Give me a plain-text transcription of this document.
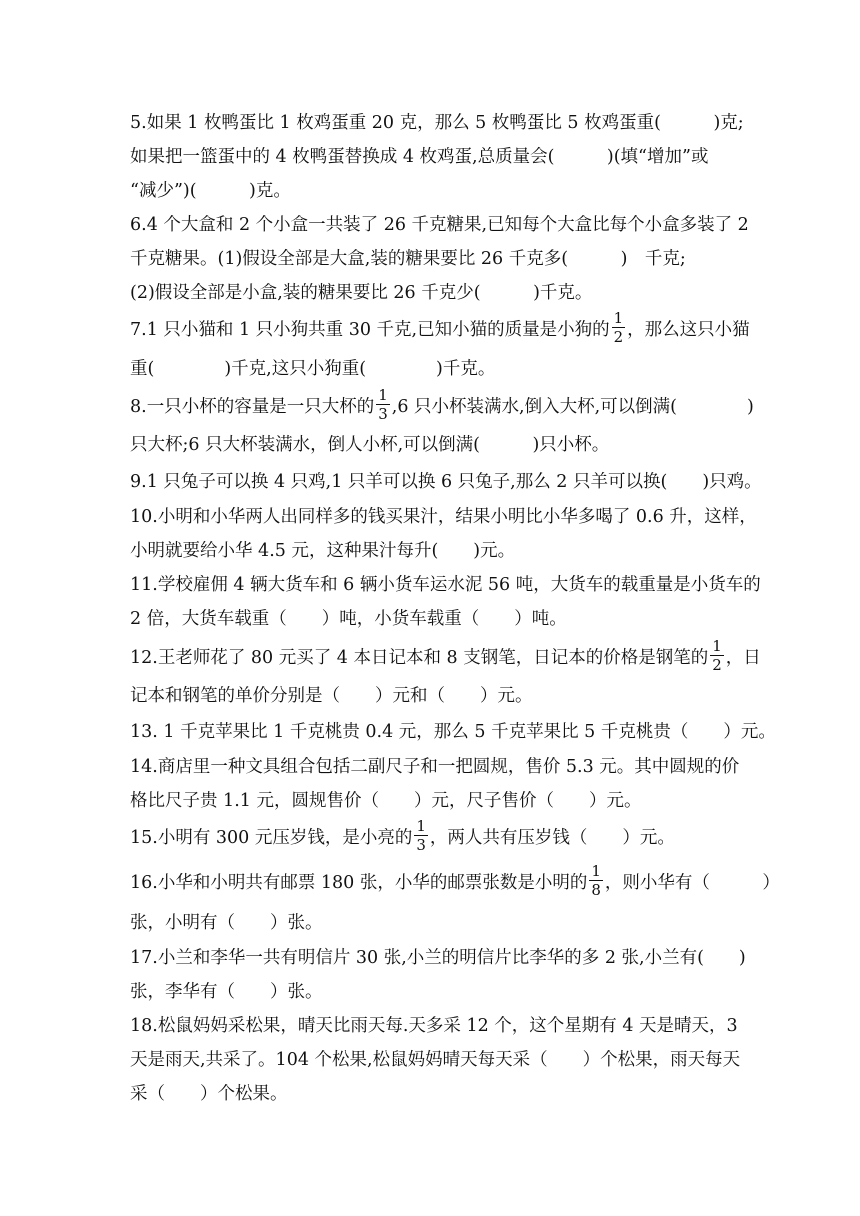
5.如果 1 枚鸭蛋比 1 枚鸡蛋重 20 克，那么 5 枚鸭蛋比 5 枚鸡蛋重(　　　)克;
如果把一篮蛋中的 4 枚鸭蛋替换成 4 枚鸡蛋,总质量会(　　　)(填“增加”或
“减少”)(　　　)克。
6.4 个大盒和 2 个小盒一共装了 26 千克糖果,已知每个大盒比每个小盒多装了 2
千克糖果。(1)假设全部是大盒,装的糖果要比 26 千克多(　　　)　千克;
(2)假设全部是小盒,装的糖果要比 26 千克少(　　　)千克。
7.1 只小猫和 1 只小狗共重 30 千克,已知小猫的质量是小狗的 $\frac{1}{2}$ ，那么这只小猫
重(　　　　)千克,这只小狗重(　　　　)千克。
8.一只小杯的容量是一只大杯的 $\frac{1}{3} ,6$ 只小杯装满水,倒入大杯,可以倒满(　　　　)
只大杯;6 只大杯装满水，倒人小杯,可以倒满(　　　)只小杯。
9.1 只兔子可以换 4 只鸡,1 只羊可以换 6 只兔子,那么 2 只羊可以换(　　)只鸡。
10.小明和小华两人出同样多的钱买果汁，结果小明比小华多喝了 0.6 升，这样，
小明就要给小华 4.5 元，这种果汁每升(　　)元。
11.学校雇佣 4 辆大货车和 6 辆小货车运水泥 56 吨，大货车的载重量是小货车的
2 倍，大货车载重（　　）吨，小货车载重（　　）吨。
12.王老师花了 80 元买了 4 本日记本和 8 支钢笔，日记本的价格是钢笔的 $\frac{1}{2}$ ，日
记本和钢笔的单价分别是（　　）元和（　　）元。
13. 1 千克苹果比 1 千克桃贵 0.4 元，那么 5 千克苹果比 5 千克桃贵（　　）元。
14.商店里一种文具组合包括二副尺子和一把圆规，售价 5.3 元。其中圆规的价
格比尺子贵 1.1 元，圆规售价（　　）元，尺子售价（　　）元。
15.小明有 300 元压岁钱，是小亮的 $\frac{1}{3}$ ，两人共有压岁钱（　　）元。
16.小华和小明共有邮票 180 张，小华的邮票张数是小明的 $\frac{1}{8}$ ，则小华有（　　　）
张，小明有（　　）张。
17.小兰和李华一共有明信片 30 张,小兰的明信片比李华的多 2 张,小兰有(　　)
张，李华有（　　）张。
18.松鼠妈妈采松果，晴天比雨天每.天多采 12 个，这个星期有 4 天是晴天，3
天是雨天,共采了。104 个松果,松鼠妈妈晴天每天采（　　）个松果，雨天每天
采（　　）个松果。
